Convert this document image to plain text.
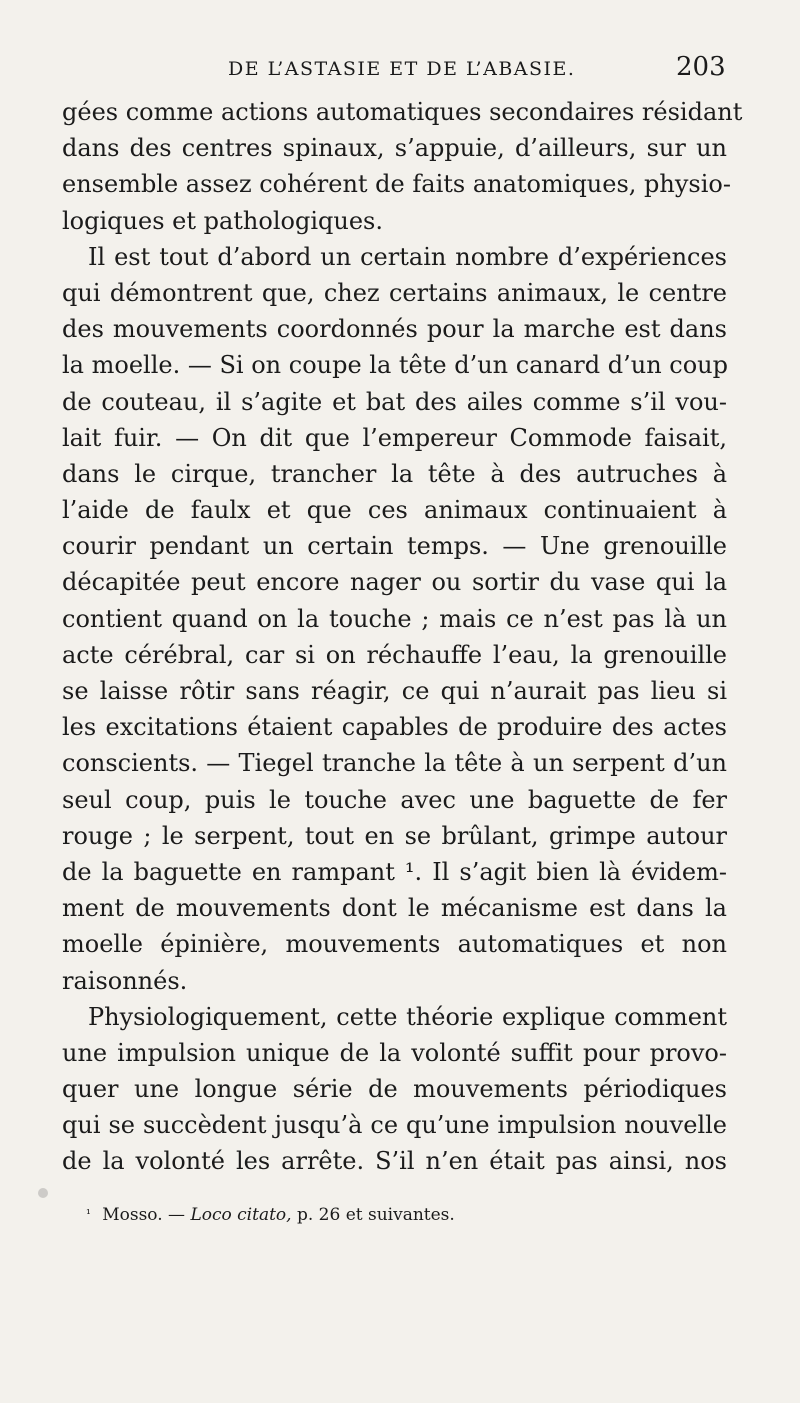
DE L’ASTASIE ET DE L’ABASIE.	203
gées comme actions automatiques secondaires résidant
dans des centres spinaux, s’appuie, d’ailleurs, sur un
ensemble assez cohérent de faits anatomiques, physio-
logiques et pathologiques.
Il est tout d’abord un certain nombre d’expériences
qui démontrent que, chez certains animaux, le centre
des mouvements coordonnés pour la marche est dans
la moelle. — Si on coupe la tête d’un canard d’un coup
de couteau, il s’agite et bat des ailes comme s’il vou-
lait fuir. — On dit que l’empereur Commode faisait,
dans le cirque, trancher la tête à des autruches à
l’aide de faulx et que ces animaux continuaient à
courir pendant un certain temps. — Une grenouille
décapitée peut encore nager ou sortir du vase qui la
contient quand on la touche ; mais ce n’est pas là un
acte cérébral, car si on réchauffe l’eau, la grenouille
se laisse rôtir sans réagir, ce qui n’aurait pas lieu si
les excitations étaient capables de produire des actes
conscients. — Tiegel tranche la tête à un serpent d’un
seul coup, puis le touche avec une baguette de fer
rouge ; le serpent, tout en se brûlant, grimpe autour
de la baguette en rampant ¹. Il s’agit bien là évidem-
ment de mouvements dont le mécanisme est dans la
moelle épinière, mouvements automatiques et non
raisonnés.
Physiologiquement, cette théorie explique comment
une impulsion unique de la volonté suffit pour provo-
quer une longue série de mouvements périodiques
qui se succèdent jusqu’à ce qu’une impulsion nouvelle
de la volonté les arrête. S’il n’en était pas ainsi, nos
¹ Mosso. — Loco citato, p. 26 et suivantes.
